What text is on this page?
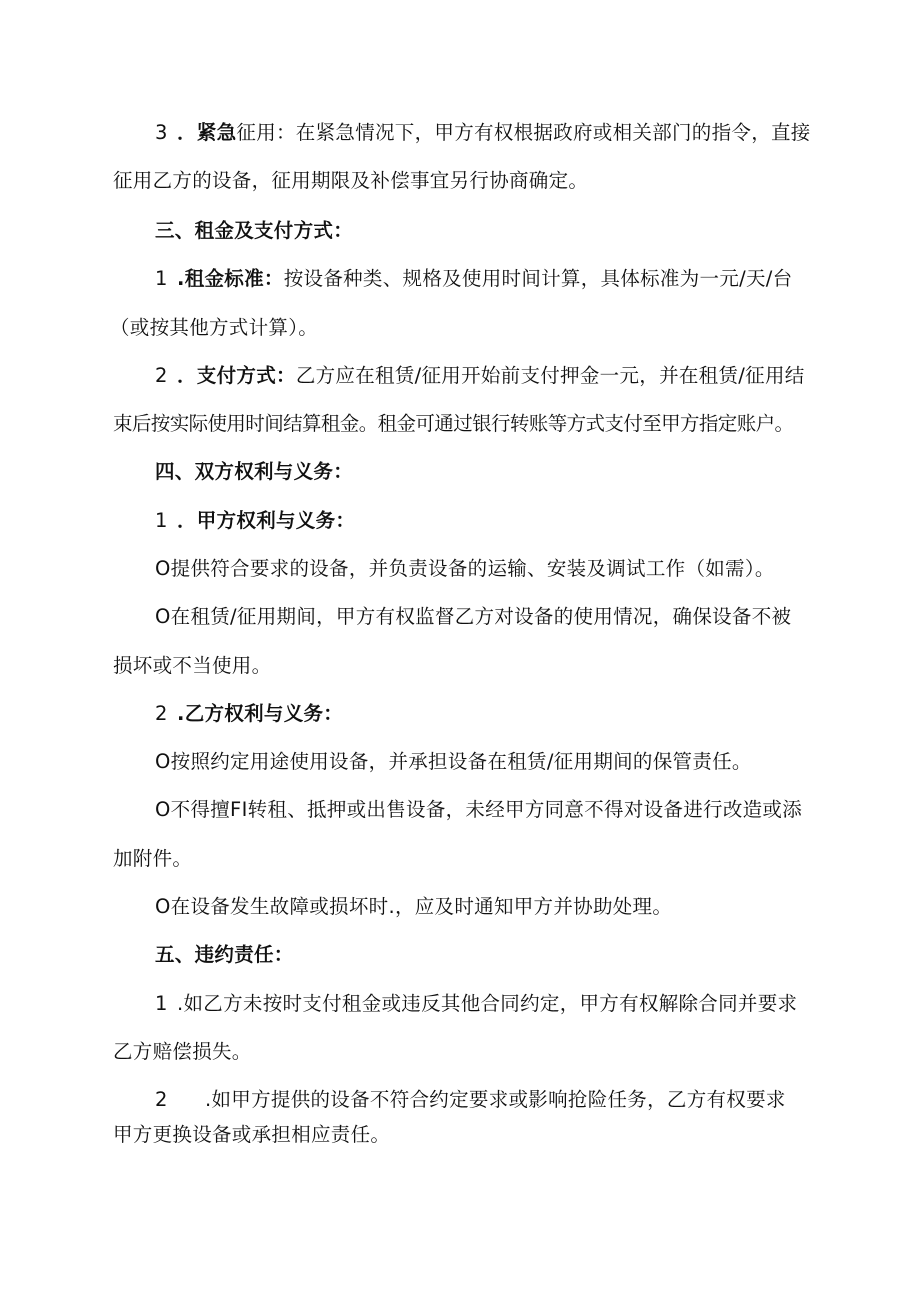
3 ．紧急征用：在紧急情况下，甲方有权根据政府或相关部门的指令，直接
征用乙方的设备，征用期限及补偿事宜另行协商确定。
三、租金及支付方式：
1 .租金标准：按设备种类、规格及使用时间计算，具体标准为一元/天/台
（或按其他方式计算）。
2 ．支付方式：乙方应在租赁/征用开始前支付押金一元，并在租赁/征用结
束后按实际使用时间结算租金。租金可通过银行转账等方式支付至甲方指定账户。
四、双方权利与义务：
1 ．甲方权利与义务：
O提供符合要求的设备，并负责设备的运输、安装及调试工作（如需）。
O在租赁/征用期间，甲方有权监督乙方对设备的使用情况，确保设备不被
损坏或不当使用。
2 .乙方权利与义务：
O按照约定用途使用设备，并承担设备在租赁/征用期间的保管责任。
O不得擅FI转租、抵押或出售设备，未经甲方同意不得对设备进行改造或添
加附件。
O在设备发生故障或损坏时.，应及时通知甲方并协助处理。
五、违约责任：
1 .如乙方未按时支付租金或违反其他合同约定，甲方有权解除合同并要求
乙方赔偿损失。
2 .如甲方提供的设备不符合约定要求或影响抢险任务，乙方有权要求
甲方更换设备或承担相应责任。
